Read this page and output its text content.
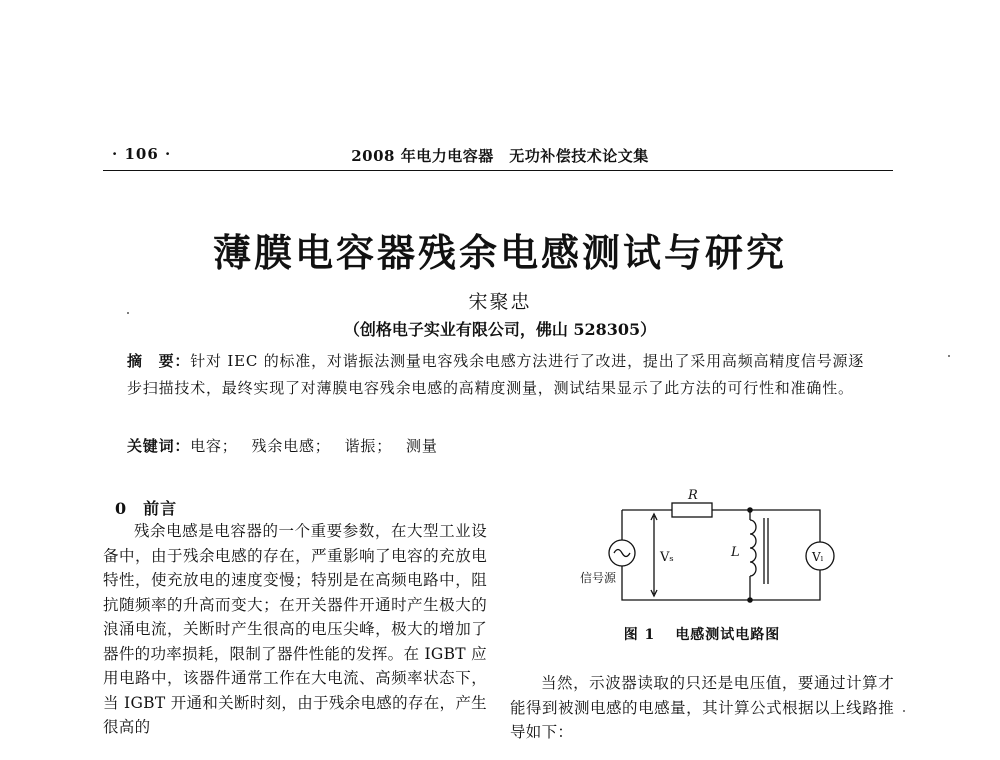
· 106 ·	2008 年电力电容器　无功补偿技术论文集
薄膜电容器残余电感测试与研究
宋聚忠
（创格电子实业有限公司，佛山 528305）
摘　要：针对 IEC 的标准，对谐振法测量电容残余电感方法进行了改进，提出了采用高频高精度信号源逐步扫描技术，最终实现了对薄膜电容残余电感的高精度测量，测试结果显示了此方法的可行性和准确性。
关键词：电容； 残余电感； 谐振； 测量
0 前言

残余电感是电容器的一个重要参数，在大型工业设备中，由于残余电感的存在，严重影响了电容的充放电特性，使充放电的速度变慢；特别是在高频电路中，阻抗随频率的升高而变大；在开关器件开通时产生极大的浪涌电流，关断时产生很高的电压尖峰，极大的增加了器件的功率损耗，限制了器件性能的发挥。在 IGBT 应用电路中，该器件通常工作在大电流、高频率状态下，当 IGBT 开通和关断时刻，由于残余电感的存在，产生很高的

R
Vₛ	L	Vₗ
信号源
图 1 电感测试电路图

当然，示波器读取的只还是电压值，要通过计算才能得到被测电感的电感量，其计算公式根据以上线路推导如下：
